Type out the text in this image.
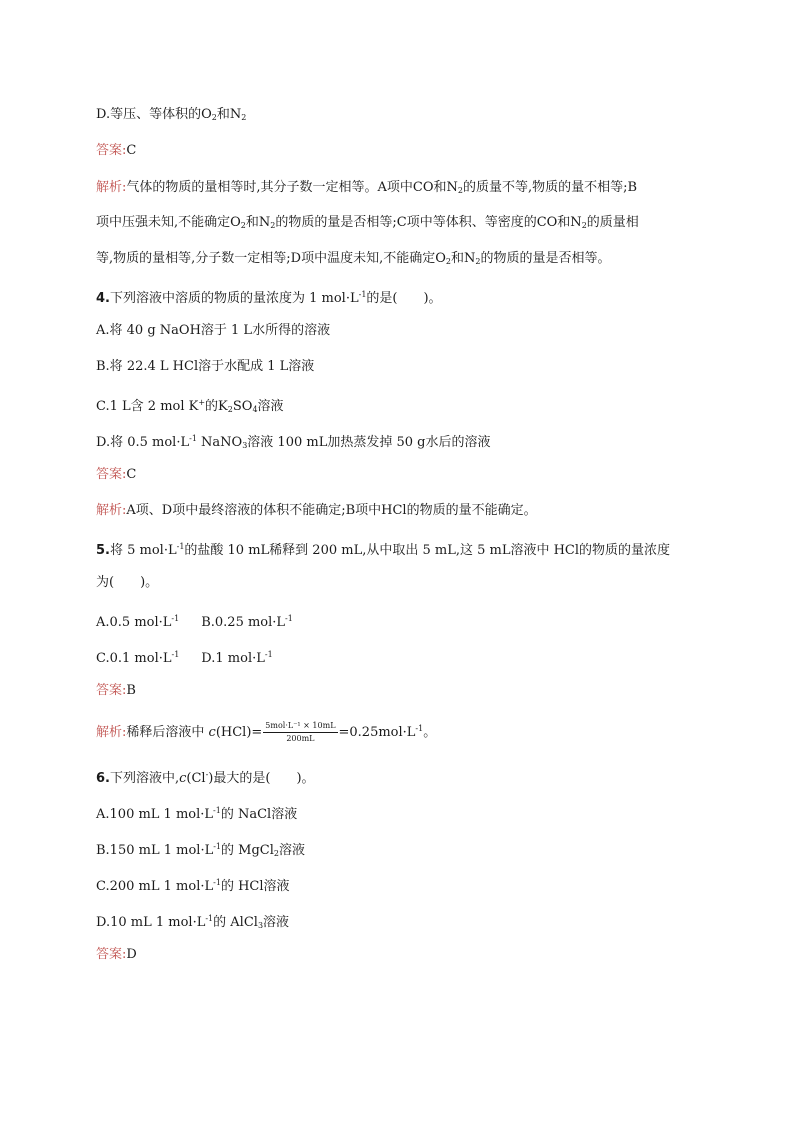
D.等压、等体积的$O_2$和$N_2$
答案:C
解析:气体的物质的量相等时,其分子数一定相等。A项中CO和$N_2$的质量不等,物质的量不相等;B
项中压强未知,不能确定$O_2$和$N_2$的物质的量是否相等;C项中等体积、等密度的CO和$N_2$的质量相
等,物质的量相等,分子数一定相等;D项中温度未知,不能确定$O_2$和$N_2$的物质的量是否相等。
4.下列溶液中溶质的物质的量浓度为 1 $mol\cdot L^{-1}$的是(　　)。
A.将 40 g NaOH溶于 1 L水所得的溶液
B.将 22.4 L HCl溶于水配成 1 L溶液
C.1 L含 2 mol K+的$K_2SO_4$溶液
D.将 0.5 $mol\cdot L^{-1}$ NaNO$_3$溶液 100 mL加热蒸发掉 50 g水后的溶液
答案:C
解析:A项、D项中最终溶液的体积不能确定;B项中HCl的物质的量不能确定。
5.将 5 $mol\cdot L^{-1}$的盐酸 10 mL稀释到 200 mL,从中取出 5 mL,这 5 mL溶液中 HCl的物质的量浓度
为(　　)。
A.0.5 $mol\cdot L^{-1}$ B.0.25 $mol\cdot L^{-1}$
C.0.1 $mol\cdot L^{-1}$ D.1 $mol\cdot L^{-1}$
答案:B
解析:稀释后溶液中 $c(HCl)= \frac{\text{5mol·L⁻¹ × 10mL}}{200mL} =0.25mol\cdot L^{-1}$。
6.下列溶液中,c(Cl-)最大的是(　　)。
A.100 mL 1 $mol\cdot L^{-1}$的 NaCl溶液
B.150 mL 1 $mol\cdot L^{-1}$的 MgCl$_2$溶液
C.200 mL 1 $mol\cdot L^{-1}$的 HCl溶液
D.10 mL 1 $mol\cdot L^{-1}$的 AlCl$_3$溶液
答案:D
